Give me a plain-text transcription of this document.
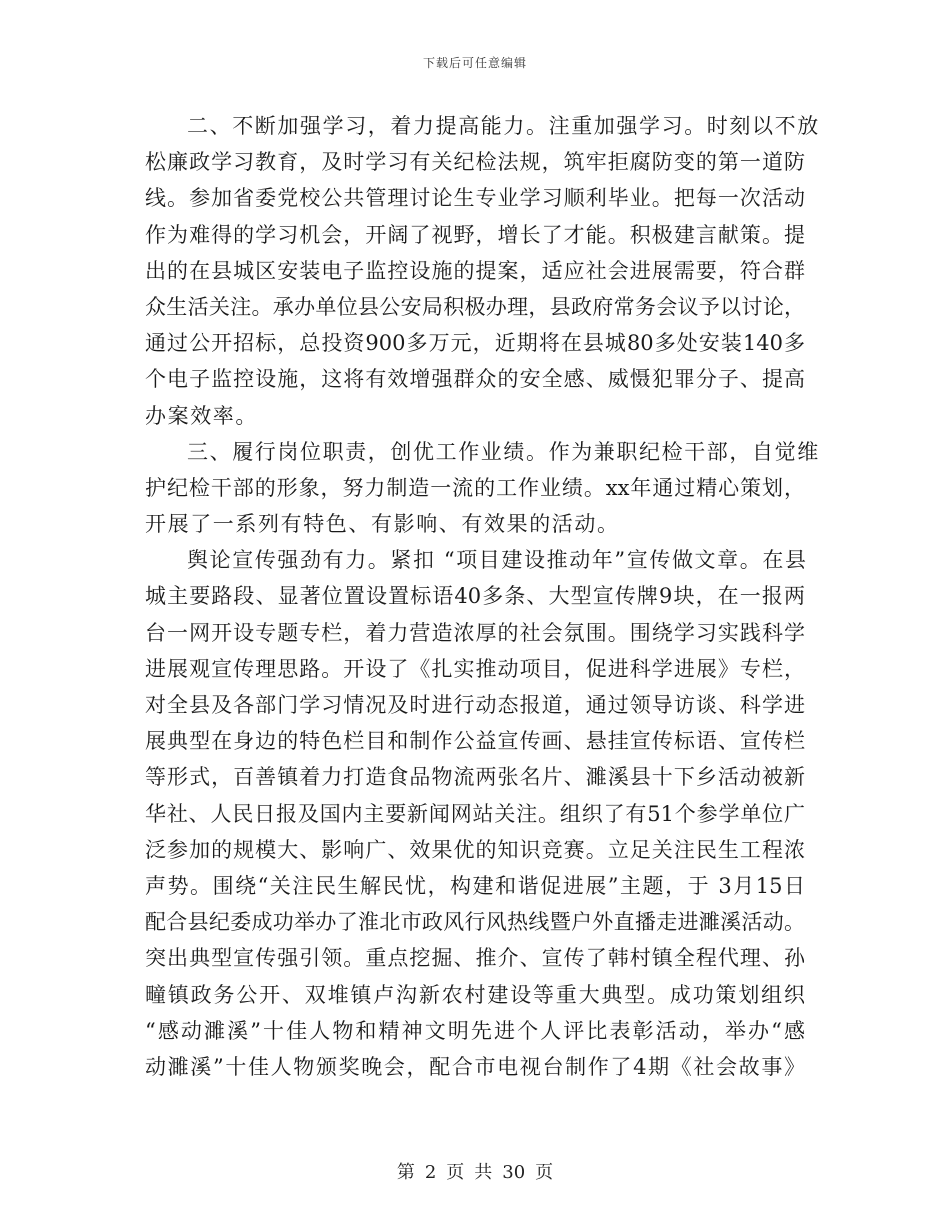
下载后可任意编辑
二、不断加强学习，着力提高能力。注重加强学习。时刻以不放
松廉政学习教育，及时学习有关纪检法规，筑牢拒腐防变的第一道防
线。参加省委党校公共管理讨论生专业学习顺利毕业。把每一次活动
作为难得的学习机会，开阔了视野，增长了才能。积极建言献策。提
出的在县城区安装电子监控设施的提案，适应社会进展需要，符合群
众生活关注。承办单位县公安局积极办理，县政府常务会议予以讨论，
通过公开招标，总投资900多万元，近期将在县城80多处安装140多
个电子监控设施，这将有效增强群众的安全感、威慑犯罪分子、提高
办案效率。
三、履行岗位职责，创优工作业绩。作为兼职纪检干部，自觉维
护纪检干部的形象，努力制造一流的工作业绩。xx年通过精心策划，
开展了一系列有特色、有影响、有效果的活动。
舆论宣传强劲有力。紧扣 “项目建设推动年”宣传做文章。在县
城主要路段、显著位置设置标语40多条、大型宣传牌9块，在一报两
台一网开设专题专栏，着力营造浓厚的社会氛围。围绕学习实践科学
进展观宣传理思路。开设了《扎实推动项目，促进科学进展》专栏，
对全县及各部门学习情况及时进行动态报道，通过领导访谈、科学进
展典型在身边的特色栏目和制作公益宣传画、悬挂宣传标语、宣传栏
等形式，百善镇着力打造食品物流两张名片、濉溪县十下乡活动被新
华社、人民日报及国内主要新闻网站关注。组织了有51个参学单位广
泛参加的规模大、影响广、效果优的知识竞赛。立足关注民生工程浓
声势。围绕“关注民生解民忧，构建和谐促进展”主题，于 3月15日
配合县纪委成功举办了淮北市政风行风热线暨户外直播走进濉溪活动。
突出典型宣传强引领。重点挖掘、推介、宣传了韩村镇全程代理、孙
疃镇政务公开、双堆镇卢沟新农村建设等重大典型。成功策划组织
“感动濉溪”十佳人物和精神文明先进个人评比表彰活动，举办“感
动濉溪”十佳人物颁奖晚会，配合市电视台制作了4期《社会故事》
第 2 页 共 30 页
